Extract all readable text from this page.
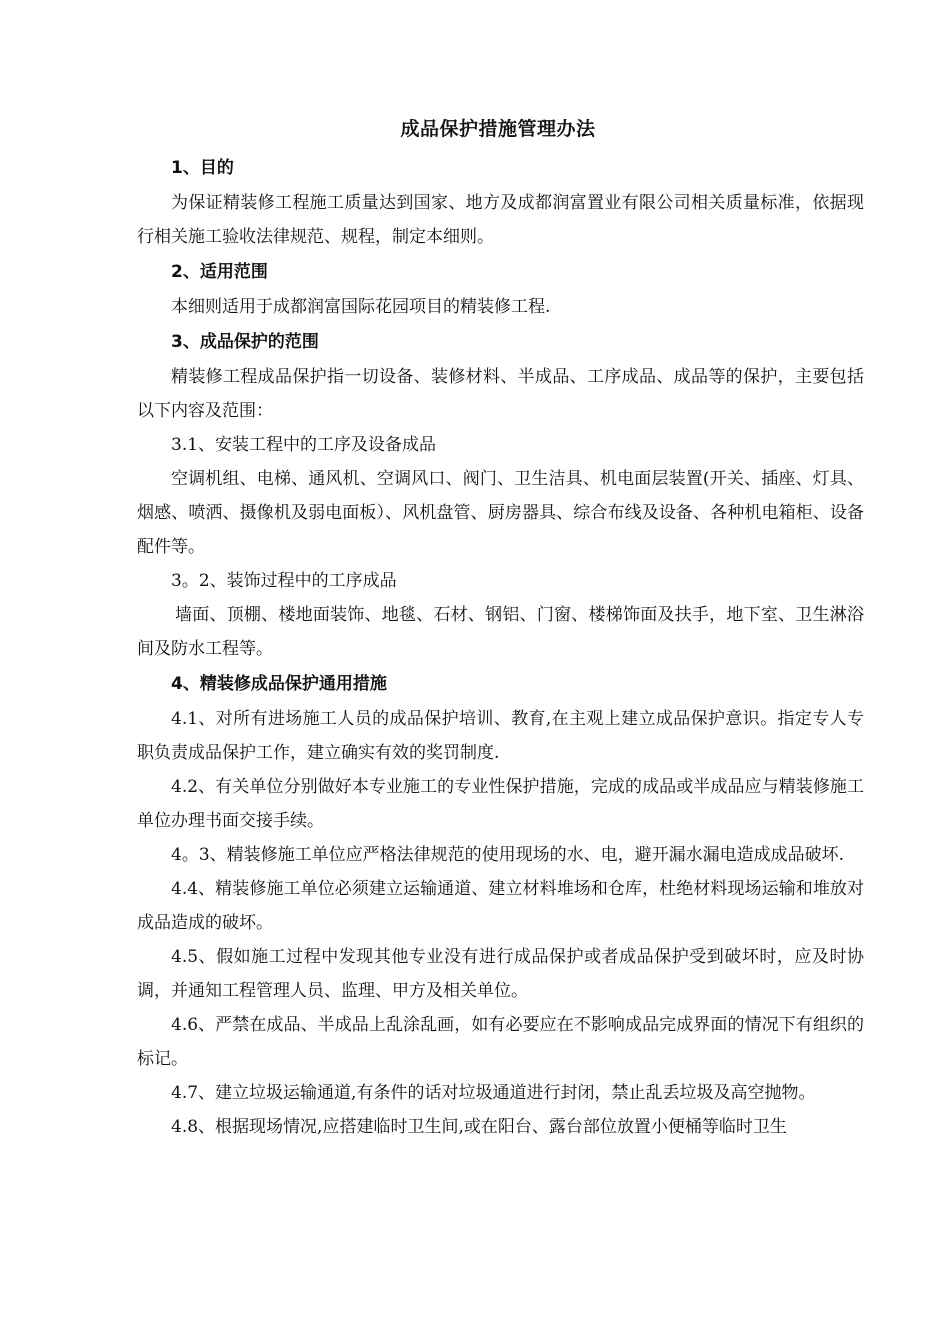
成品保护措施管理办法

1、目的

为保证精装修工程施工质量达到国家、地方及成都润富置业有限公司相关质量标准，依据现行相关施工验收法律规范、规程，制定本细则。

2、适用范围

本细则适用于成都润富国际花园项目的精装修工程.

3、成品保护的范围

精装修工程成品保护指一切设备、装修材料、半成品、工序成品、成品等的保护，主要包括以下内容及范围：

3.1、安装工程中的工序及设备成品

空调机组、电梯、通风机、空调风口、阀门、卫生洁具、机电面层装置(开关、插座、灯具、烟感、喷洒、摄像机及弱电面板）、风机盘管、厨房器具、综合布线及设备、各种机电箱柜、设备配件等。

3。2、装饰过程中的工序成品

墙面、顶棚、楼地面装饰、地毯、石材、钢铝、门窗、楼梯饰面及扶手，地下室、卫生淋浴间及防水工程等。

4、精装修成品保护通用措施

4.1、对所有进场施工人员的成品保护培训、教育,在主观上建立成品保护意识。指定专人专职负责成品保护工作，建立确实有效的奖罚制度.

4.2、有关单位分别做好本专业施工的专业性保护措施，完成的成品或半成品应与精装修施工单位办理书面交接手续。

4。3、精装修施工单位应严格法律规范的使用现场的水、电，避开漏水漏电造成成品破坏.

4.4、精装修施工单位必须建立运输通道、建立材料堆场和仓库，杜绝材料现场运输和堆放对成品造成的破坏。

4.5、假如施工过程中发现其他专业没有进行成品保护或者成品保护受到破坏时，应及时协调，并通知工程管理人员、监理、甲方及相关单位。

4.6、严禁在成品、半成品上乱涂乱画，如有必要应在不影响成品完成界面的情况下有组织的标记。

4.7、建立垃圾运输通道,有条件的话对垃圾通道进行封闭，禁止乱丢垃圾及高空抛物。

4.8、根据现场情况,应搭建临时卫生间,或在阳台、露台部位放置小便桶等临时卫生
